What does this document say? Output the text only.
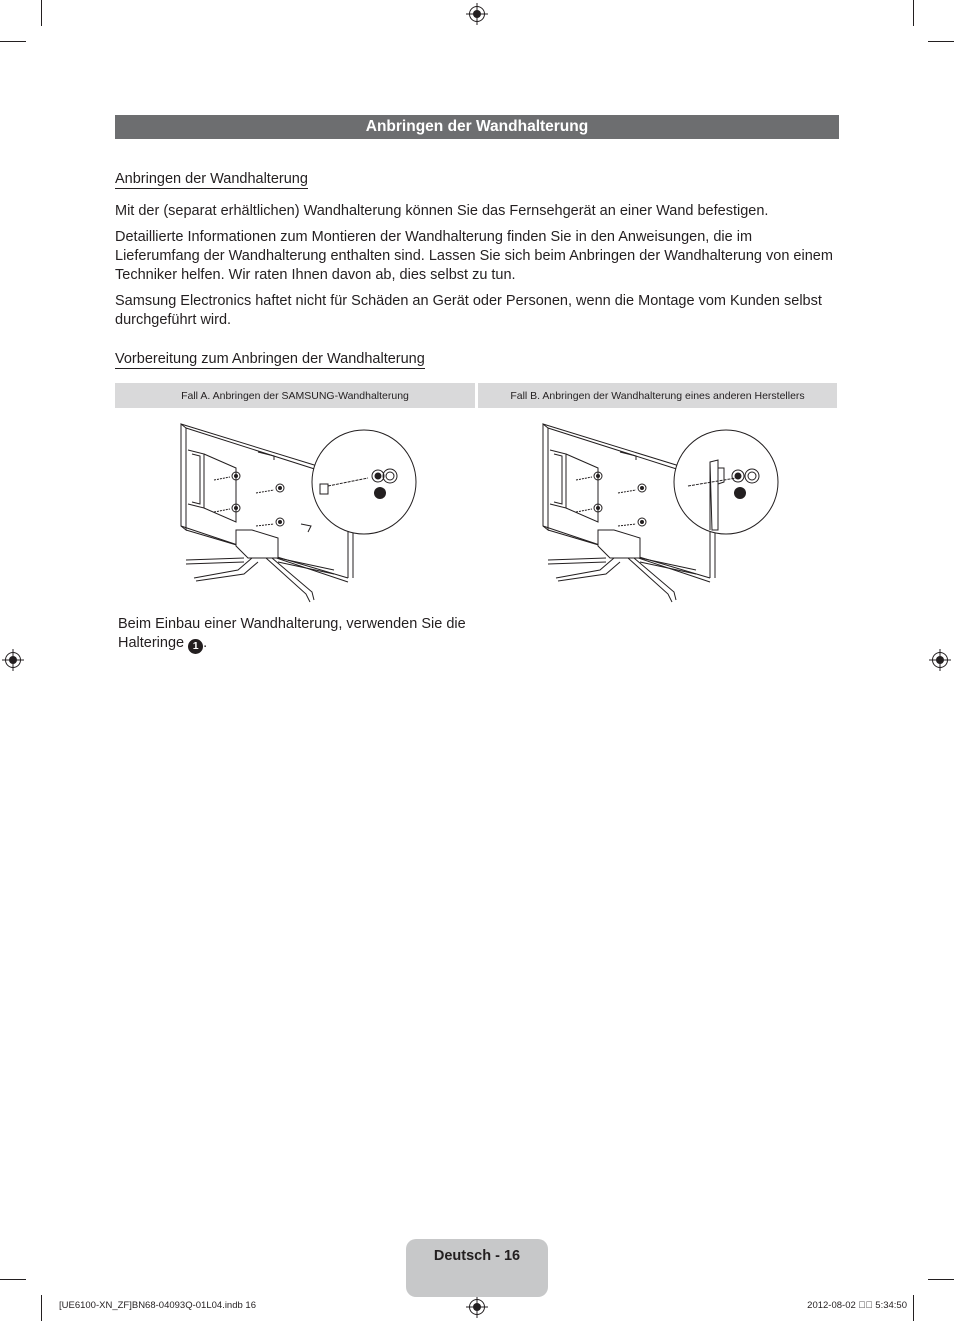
Anbringen der Wandhalterung
Anbringen der Wandhalterung

Mit der (separat erhältlichen) Wandhalterung können Sie das Fernsehgerät an einer Wand befestigen.

Detaillierte Informationen zum Montieren der Wandhalterung finden Sie in den Anweisungen, die im Lieferumfang der Wandhalterung enthalten sind. Lassen Sie sich beim Anbringen der Wandhalterung von einem Techniker helfen. Wir raten Ihnen davon ab, dies selbst zu tun.

Samsung Electronics haftet nicht für Schäden an Gerät oder Personen, wenn die Montage vom Kunden selbst durchgeführt wird.

Vorbereitung zum Anbringen der Wandhalterung
Fall A. Anbringen der SAMSUNG-Wandhalterung	Fall B. Anbringen der Wandhalterung eines anderen Herstellers
Beim Einbau einer Wandhalterung, verwenden Sie die Halteringe 1 .
Deutsch - 16
[UE6100-XN_ZF]BN68-04093Q-01L04.indb 16	2012-08-02    5:34:50
